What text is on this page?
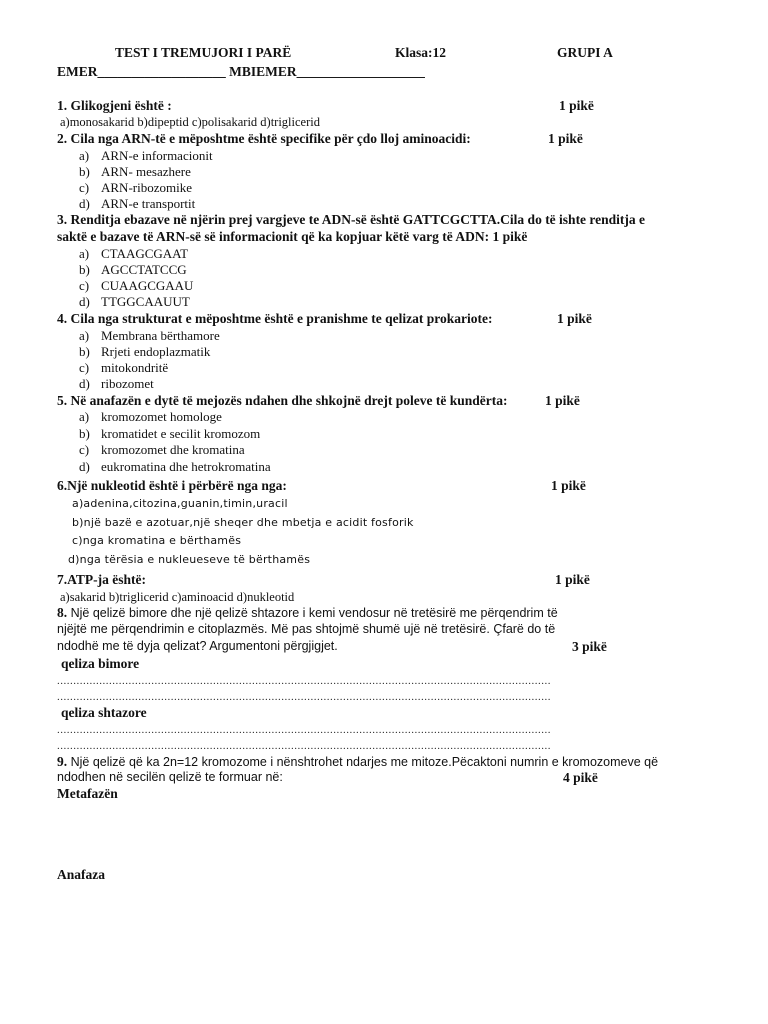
TEST I TREMUJORI I PARË	Klasa:12	GRUPI A
EMER___________________ MBIEMER___________________
1. Glikogjeni është :	1 pikë
a)monosakarid b)dipeptid c)polisakarid d)triglicerid
2. Cila nga ARN-të e mëposhtme është specifike për çdo lloj aminoacidi:	1 pikë
a) ARN-e informacionit
b) ARN- mesazhere
c) ARN-ribozomike
d) ARN-e transportit
3. Renditja ebazave në njërin prej vargjeve te ADN-së është GATTCGCTTA.Cila do të ishte renditja e
saktë e bazave të ARN-së së informacionit që ka kopjuar këtë varg të ADN: 1 pikë
a) CTAAGCGAAT
b) AGCCTATCCG
c) CUAAGCGAAU
d) TTGGCAAUUT
4. Cila nga strukturat e mëposhtme është e pranishme te qelizat prokariote:	1 pikë
a) Membrana bërthamore
b) Rrjeti endoplazmatik
c) mitokondritë
d) ribozomet
5. Në anafazën e dytë të mejozës ndahen dhe shkojnë drejt poleve të kundërta:	1 pikë
a) kromozomet homologe
b) kromatidet e secilit kromozom
c) kromozomet dhe kromatina
d) eukromatina dhe hetrokromatina
6.Një nukleotid është i përbërë nga nga:	1 pikë
a)adenina,citozina,guanin,timin,uracil
b)një bazë e azotuar,një sheqer dhe mbetja e acidit fosforik
c)nga kromatina e bërthamës
d)nga tërësia e nukleueseve të bërthamës
7.ATP-ja është:	1 pikë
a)sakarid b)triglicerid c)aminoacid d)nukleotid
8. Një qelizë bimore dhe një qelizë shtazore i kemi vendosur në tretësirë me përqendrim të
njëjtë me përqendrimin e citoplazmës. Më pas shtojmë shumë ujë në tretësirë. Çfarë do të
ndodhë me të dyja qelizat? Argumentoni përgjigjet.	3 pikë
qeliza bimore
........................................................................................................................................................
........................................................................................................................................................
qeliza shtazore
........................................................................................................................................................
........................................................................................................................................................
9. Një qelizë që ka 2n=12 kromozome i nënshtrohet ndarjes me mitoze.Pëcaktoni numrin e kromozomeve që
ndodhen në secilën qelizë te formuar në:	4 pikë
Metafazën
Anafaza
